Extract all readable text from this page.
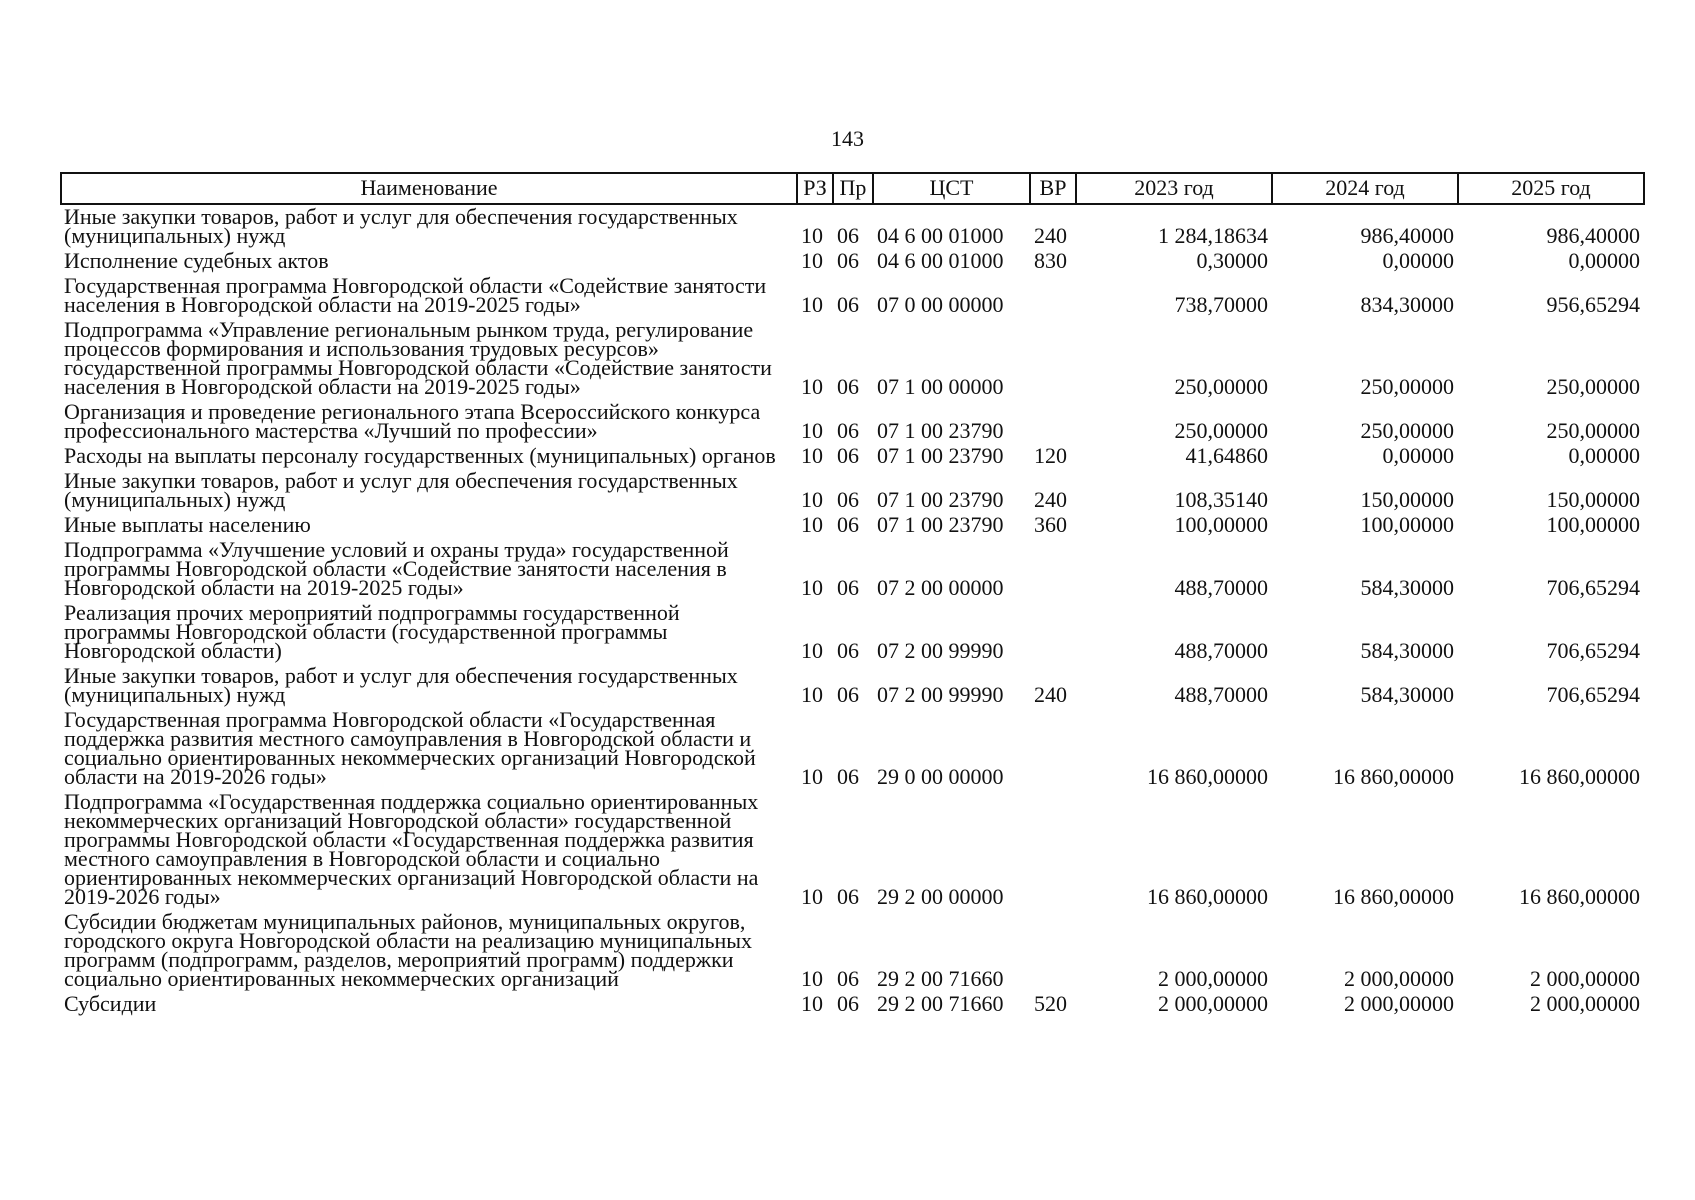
143
Наименование	РЗ	Пр	ЦСТ	ВР	2023 год	2024 год	2025 год
Иные закупки товаров, работ и услуг для обеспечения государственных (муниципальных) нужд	10	06	04 6 00 01000	240	1 284,18634	986,40000	986,40000
Исполнение судебных актов	10	06	04 6 00 01000	830	0,30000	0,00000	0,00000
Государственная программа Новгородской области «Содействие занятости населения в Новгородской области на 2019-2025 годы»	10	06	07 0 00 00000		738,70000	834,30000	956,65294
Подпрограмма «Управление региональным рынком труда, регулирование процессов формирования и использования трудовых ресурсов» государственной программы Новгородской области «Содействие занятости населения в Новгородской области на 2019-2025 годы»	10	06	07 1 00 00000		250,00000	250,00000	250,00000
Организация и проведение регионального этапа Всероссийского конкурса профессионального мастерства «Лучший по профессии»	10	06	07 1 00 23790		250,00000	250,00000	250,00000
Расходы на выплаты персоналу государственных (муниципальных) органов	10	06	07 1 00 23790	120	41,64860	0,00000	0,00000
Иные закупки товаров, работ и услуг для обеспечения государственных (муниципальных) нужд	10	06	07 1 00 23790	240	108,35140	150,00000	150,00000
Иные выплаты населению	10	06	07 1 00 23790	360	100,00000	100,00000	100,00000
Подпрограмма «Улучшение условий и охраны труда» государственной программы Новгородской области «Содействие занятости населения в Новгородской области на 2019-2025 годы»	10	06	07 2 00 00000		488,70000	584,30000	706,65294
Реализация прочих мероприятий подпрограммы государственной программы Новгородской области (государственной программы Новгородской области)	10	06	07 2 00 99990		488,70000	584,30000	706,65294
Иные закупки товаров, работ и услуг для обеспечения государственных (муниципальных) нужд	10	06	07 2 00 99990	240	488,70000	584,30000	706,65294
Государственная программа Новгородской области «Государственная поддержка развития местного самоуправления в Новгородской области и социально ориентированных некоммерческих организаций Новгородской области на 2019-2026 годы»	10	06	29 0 00 00000		16 860,00000	16 860,00000	16 860,00000
Подпрограмма «Государственная поддержка социально ориентированных некоммерческих организаций Новгородской области» государственной программы Новгородской области «Государственная поддержка развития местного самоуправления в Новгородской области и социально ориентированных некоммерческих организаций Новгородской области на 2019-2026 годы»	10	06	29 2 00 00000		16 860,00000	16 860,00000	16 860,00000
Субсидии бюджетам муниципальных районов, муниципальных округов, городского округа Новгородской области на реализацию муниципальных программ (подпрограмм, разделов, мероприятий программ) поддержки социально ориентированных некоммерческих организаций	10	06	29 2 00 71660		2 000,00000	2 000,00000	2 000,00000
Субсидии	10	06	29 2 00 71660	520	2 000,00000	2 000,00000	2 000,00000
